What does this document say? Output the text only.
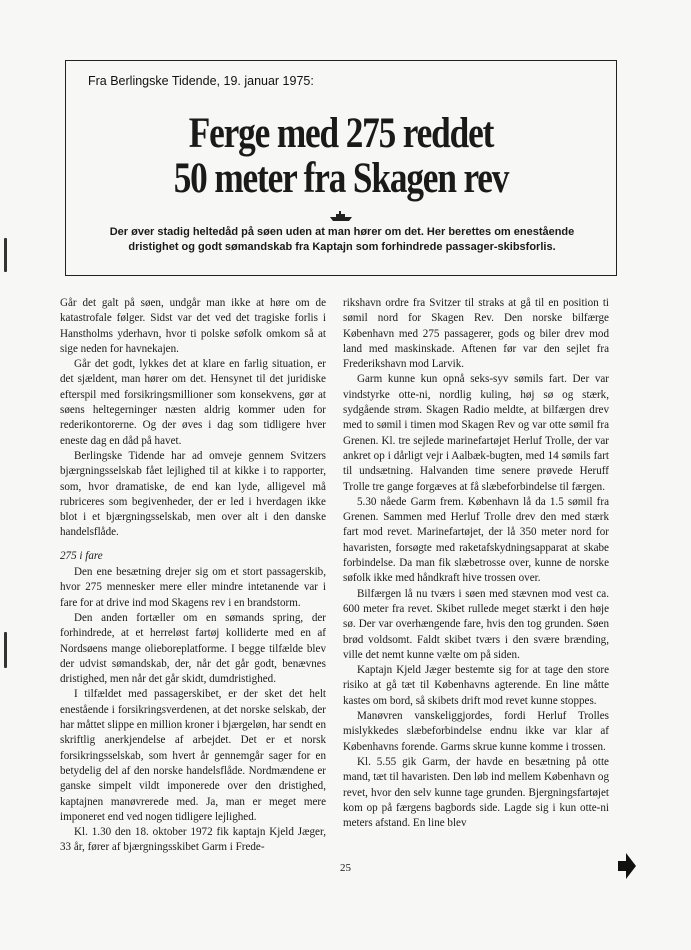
Fra Berlingske Tidende, 19. januar 1975:
Ferge med 275 reddet
50 meter fra Skagen rev
Der øver stadig heltedåd på søen uden at man hører om det. Her berettes om enestående dristighet og godt sømandskab fra Kaptajn som forhindrede passager-skibsforlis.

Går det galt på søen, undgår man ikke at høre om de katastrofale følger. Sidst var det ved det tragiske forlis i Hanstholms yderhavn, hvor ti polske søfolk omkom så at sige neden for havnekajen.

Går det godt, lykkes det at klare en farlig situation, er det sjældent, man hører om det. Hensynet til det juridiske efterspil med forsikringsmillioner som konsekvens, gør at søens heltegerninger næsten aldrig kommer uden for rederikontorerne. Og der øves i dag som tidligere hver eneste dag en dåd på havet.

Berlingske Tidende har ad omveje gennem Svitzers bjærgningsselskab fået lejlighed til at kikke i to rapporter, som, hvor dramatiske, de end kan lyde, alligevel må rubriceres som begivenheder, der er led i hverdagen ikke blot i et bjærgningsselskab, men over alt i den danske handelsflåde.

275 i fare

Den ene besætning drejer sig om et stort passagerskib, hvor 275 mennesker mere eller mindre intetanende var i fare for at drive ind mod Skagens rev i en brandstorm.

Den anden fortæller om en sømands spring, der forhindrede, at et herreløst fartøj kolliderte med en af Nordsøens mange olieboreplatforme. I begge tilfælde blev der udvist sømandskab, der, når det går godt, benævnes dristighed, men når det går skidt, dumdristighed.

I tilfældet med passagerskibet, er der sket det helt enestående i forsikringsverdenen, at det norske selskab, der har måttet slippe en million kroner i bjærgeløn, har sendt en skriftlig anerkjendelse af arbejdet. Det er et norsk forsikringsselskab, som hvert år gennemgår sager for en betydelig del af den norske handelsflåde. Nordmændene er ganske simpelt vildt imponerede over den dristighed, kaptajnen manøvrerede med. Ja, man er meget mere imponeret end ved nogen tidligere lejlighed.

Kl. 1.30 den 18. oktober 1972 fik kaptajn Kjeld Jæger, 33 år, fører af bjærgningsskibet Garm i Frede-

rikshavn ordre fra Svitzer til straks at gå til en position ti sømil nord for Skagen Rev. Den norske bilfærge København med 275 passagerer, gods og biler drev mod land med maskinskade. Aftenen før var den sejlet fra Frederikshavn mod Larvik.

Garm kunne kun opnå seks-syv sømils fart. Der var vindstyrke otte-ni, nordlig kuling, høj sø og stærk, sydgående strøm. Skagen Radio meldte, at bilfærgen drev med to sømil i timen mod Skagen Rev og var otte sømil fra Grenen. Kl. tre sejlede marinefartøjet Herluf Trolle, der var ankret op i dårligt vejr i Aalbæk-bugten, med 14 sømils fart til undsætning. Halvanden time senere prøvede Heruff Trolle tre gange forgæves at få slæbeforbindelse til færgen.

5.30 nåede Garm frem. København lå da 1.5 sømil fra Grenen. Sammen med Herluf Trolle drev den med stærk fart mod revet. Marinefartøjet, der lå 350 meter nord for havaristen, forsøgte med raketafskydningsapparat at skabe forbindelse. Da man fik slæbetrosse over, kunne de norske søfolk ikke med håndkraft hive trossen over.

Bilfærgen lå nu tværs i søen med stævnen mod vest ca. 600 meter fra revet. Skibet rullede meget stærkt i den høje sø. Der var overhængende fare, hvis den tog grunden. Søen brød voldsomt. Faldt skibet tværs i den svære brænding, ville det nemt kunne vælte om på siden.

Kaptajn Kjeld Jæger bestemte sig for at tage den store risiko at gå tæt til Københavns agterende. En line måtte kastes om bord, så skibets drift mod revet kunne stoppes.

Manøvren vanskeliggjordes, fordi Herluf Trolles mislykkedes slæbeforbindelse endnu ikke var klar af Københavns forende. Garms skrue kunne komme i trossen.

Kl. 5.55 gik Garm, der havde en besætning på otte mand, tæt til havaristen. Den løb ind mellem København og revet, hvor den selv kunne tage grunden. Bjergningsfartøjet kom op på færgens bagbords side. Lagde sig i kun otte-ni meters afstand. En line blev

25
